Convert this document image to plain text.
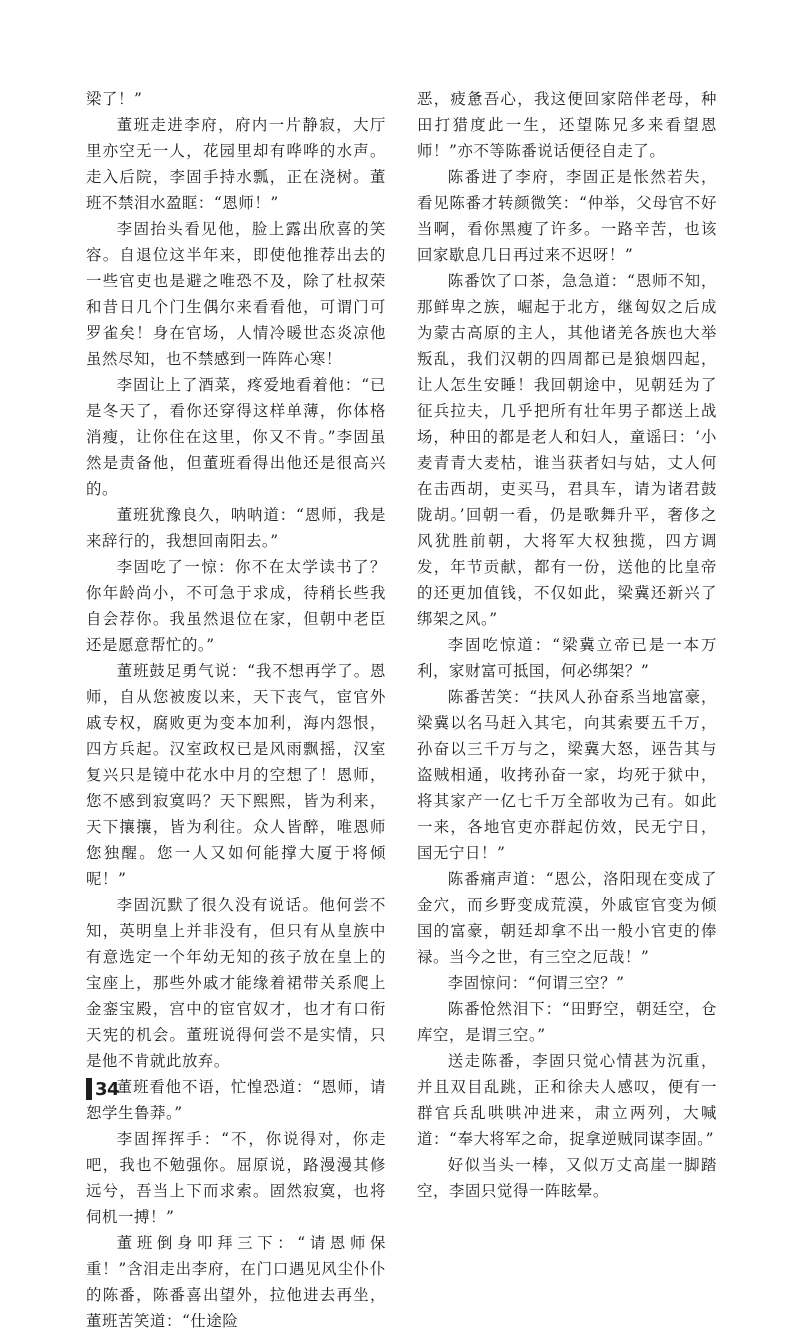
梁了！”

董班走进李府，府内一片静寂，大厅里亦空无一人，花园里却有哗哗的水声。走入后院，李固手持水瓢，正在浇树。董班不禁泪水盈眶：“恩师！”

李固抬头看见他，脸上露出欣喜的笑容。自退位这半年来，即使他推荐出去的一些官吏也是避之唯恐不及，除了杜叔荣和昔日几个门生偶尔来看看他，可谓门可罗雀矣！身在官场，人情冷暖世态炎凉他虽然尽知，也不禁感到一阵阵心寒！

李固让上了酒菜，疼爱地看着他：“已是冬天了，看你还穿得这样单薄，你体格消瘦，让你住在这里，你又不肯。”李固虽然是责备他，但董班看得出他还是很高兴的。

董班犹豫良久，呐呐道：“恩师，我是来辞行的，我想回南阳去。”

李固吃了一惊：你不在太学读书了？你年龄尚小，不可急于求成，待稍长些我自会荐你。我虽然退位在家，但朝中老臣还是愿意帮忙的。”

董班鼓足勇气说：“我不想再学了。恩师，自从您被废以来，天下丧气，宦官外戚专权，腐败更为变本加利，海内怨恨，四方兵起。汉室政权已是风雨飘摇，汉室复兴只是镜中花水中月的空想了！恩师，您不感到寂寞吗？天下熙熙，皆为利来，天下攘攘，皆为利往。众人皆醉，唯恩师您独醒。您一人又如何能撑大厦于将倾呢！”

李固沉默了很久没有说话。他何尝不知，英明皇上并非没有，但只有从皇族中有意选定一个年幼无知的孩子放在皇上的宝座上，那些外戚才能缘着裙带关系爬上金銮宝殿，宫中的宦官奴才，也才有口衔天宪的机会。董班说得何尝不是实情，只是他不肯就此放弃。

董班看他不语，忙惶恐道：“恩师，请恕学生鲁莽。”

李固挥挥手：“不，你说得对，你走吧，我也不勉强你。屈原说，路漫漫其修远兮，吾当上下而求索。固然寂寞，也将伺机一搏！”

董班倒身叩拜三下：“请恩师保重！”含泪走出李府，在门口遇见风尘仆仆的陈番，陈番喜出望外，拉他进去再坐，董班苦笑道：“仕途险

恶，疲惫吾心，我这便回家陪伴老母，种田打猎度此一生，还望陈兄多来看望恩师！”亦不等陈番说话便径自走了。

陈番进了李府，李固正是怅然若失，看见陈番才转颜微笑：“仲举，父母官不好当啊，看你黑瘦了许多。一路辛苦，也该回家歇息几日再过来不迟呀！”

陈番饮了口茶，急急道：“恩师不知，那鲜卑之族，崛起于北方，继匈奴之后成为蒙古高原的主人，其他诸羌各族也大举叛乱，我们汉朝的四周都已是狼烟四起，让人怎生安睡！我回朝途中，见朝廷为了征兵拉夫，几乎把所有壮年男子都送上战场，种田的都是老人和妇人，童谣曰：‘小麦青青大麦枯，谁当获者妇与姑，丈人何在击西胡，吏买马，君具车，请为诸君鼓陇胡。’回朝一看，仍是歌舞升平，奢侈之风犹胜前朝，大将军大权独揽，四方调发，年节贡献，都有一份，送他的比皇帝的还更加值钱，不仅如此，梁冀还新兴了绑架之风。”

李固吃惊道：“梁冀立帝已是一本万利，家财富可抵国，何必绑架？”

陈番苦笑：“扶风人孙奋系当地富豪，梁冀以名马赶入其宅，向其索要五千万，孙奋以三千万与之，梁冀大怒，诬告其与盗贼相通，收拷孙奋一家，均死于狱中，将其家产一亿七千万全部收为己有。如此一来，各地官吏亦群起仿效，民无宁日，国无宁日！”

陈番痛声道：“恩公，洛阳现在变成了金穴，而乡野变成荒漠，外戚宦官变为倾国的富豪，朝廷却拿不出一般小官吏的俸禄。当今之世，有三空之厄哉！”

李固惊问：“何谓三空？”

陈番怆然泪下：“田野空，朝廷空，仓库空，是谓三空。”

送走陈番，李固只觉心情甚为沉重，并且双目乱跳，正和徐夫人感叹，便有一群官兵乱哄哄冲进来，肃立两列，大喊道：“奉大将军之命，捉拿逆贼同谋李固。”

好似当头一棒，又似万丈高崖一脚踏空，李固只觉得一阵眩晕。

34
